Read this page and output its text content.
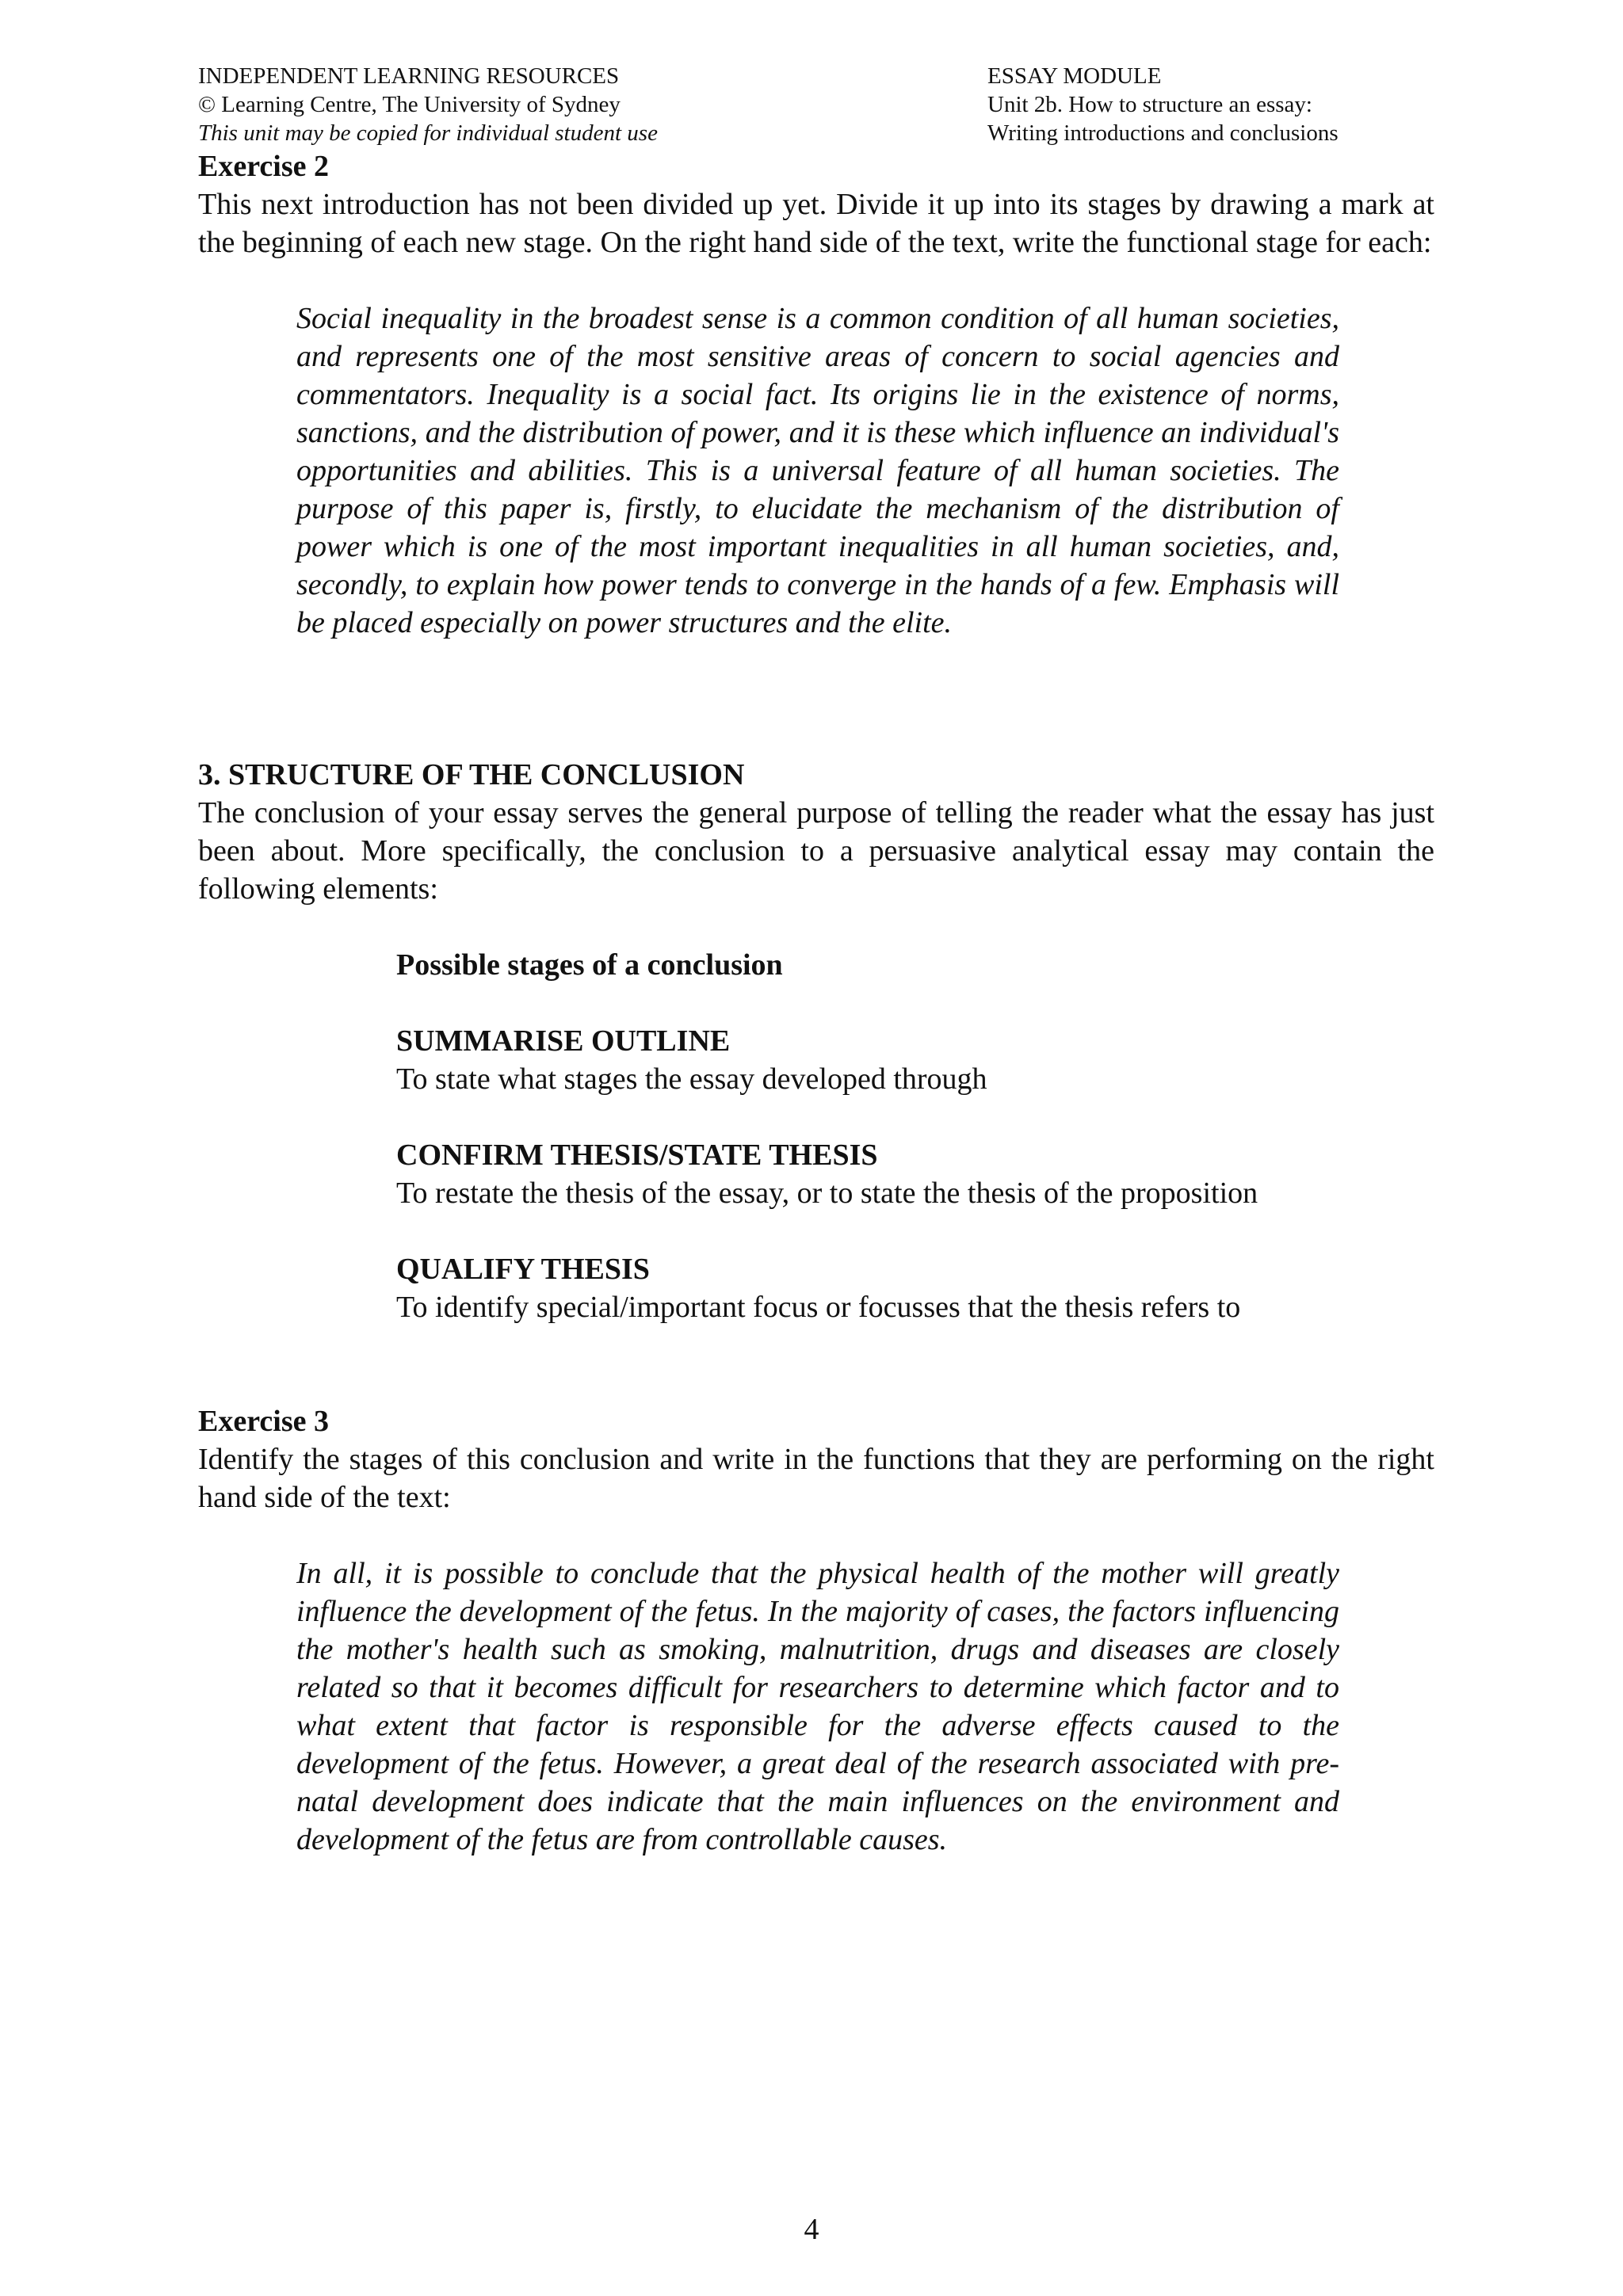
INDEPENDENT LEARNING RESOURCES
© Learning Centre, The University of Sydney
This unit may be copied for individual student use
ESSAY MODULE
Unit 2b. How to structure an essay:
Writing introductions and conclusions
Exercise 2
This next introduction has not been divided up yet. Divide it up into its stages by drawing a mark at the beginning of each new stage. On the right hand side of the text, write the functional stage for each:
Social inequality in the broadest sense is a common condition of all human societies, and represents one of the most sensitive areas of concern to social agencies and commentators. Inequality is a social fact. Its origins lie in the existence of norms, sanctions, and the distribution of power, and it is these which influence an individual's opportunities and abilities. This is a universal feature of all human societies. The purpose of this paper is, firstly, to elucidate the mechanism of the distribution of power which is one of the most important inequalities in all human societies, and, secondly, to explain how power tends to converge in the hands of a few. Emphasis will be placed especially on power structures and the elite.
3. STRUCTURE OF THE CONCLUSION
The conclusion of your essay serves the general purpose of telling the reader what the essay has just been about. More specifically, the conclusion to a persuasive analytical essay may contain the following elements:
Possible stages of a conclusion
SUMMARISE OUTLINE
To state what stages the essay developed through
CONFIRM THESIS/STATE THESIS
To restate the thesis of the essay, or to state the thesis of the proposition
QUALIFY THESIS
To identify special/important focus or focusses that the thesis refers to
Exercise 3
Identify the stages of this conclusion and write in the functions that they are performing on the right hand side of the text:
In all, it is possible to conclude that the physical health of the mother will greatly influence the development of the fetus. In the majority of cases, the factors influencing the mother's health such as smoking, malnutrition, drugs and diseases are closely related so that it becomes difficult for researchers to determine which factor and to what extent that factor is responsible for the adverse effects caused to the development of the fetus. However, a great deal of the research associated with pre-natal development does indicate that the main influences on the environment and development of the fetus are from controllable causes.
4
